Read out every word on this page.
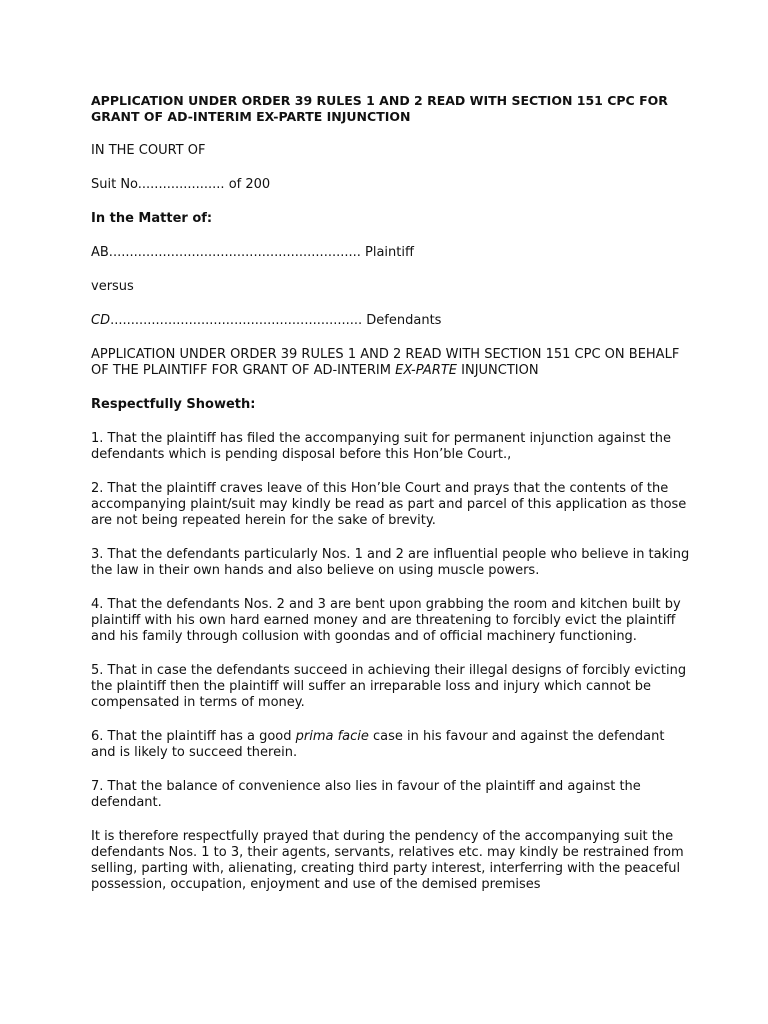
APPLICATION UNDER ORDER 39 RULES 1 AND 2 READ WITH SECTION 151 CPC FOR GRANT OF AD-INTERIM EX-PARTE INJUNCTION

IN THE COURT OF

Suit No..................... of 200

In the Matter of:

AB............................................................. Plaintiff

versus

CD............................................................. Defendants

APPLICATION UNDER ORDER 39 RULES 1 AND 2 READ WITH SECTION 151 CPC ON BEHALF OF THE PLAINTIFF FOR GRANT OF AD-INTERIM EX-PARTE INJUNCTION

Respectfully Showeth:

1. That the plaintiff has filed the accompanying suit for permanent injunction against the defendants which is pending disposal before this Hon’ble Court.,

2. That the plaintiff craves leave of this Hon’ble Court and prays that the contents of the accompanying plaint/suit may kindly be read as part and parcel of this application as those are not being repeated herein for the sake of brevity.

3. That the defendants particularly Nos. 1 and 2 are influential people who believe in taking the law in their own hands and also believe on using muscle powers.

4. That the defendants Nos. 2 and 3 are bent upon grabbing the room and kitchen built by plaintiff with his own hard earned money and are threatening to forcibly evict the plaintiff and his family through collusion with goondas and of official machinery functioning.

5. That in case the defendants succeed in achieving their illegal designs of forcibly evicting the plaintiff then the plaintiff will suffer an irreparable loss and injury which cannot be compensated in terms of money.

6. That the plaintiff has a good prima facie case in his favour and against the defendant and is likely to succeed therein.

7. That the balance of convenience also lies in favour of the plaintiff and against the defendant.

It is therefore respectfully prayed that during the pendency of the accompanying suit the defendants Nos. 1 to 3, their agents, servants, relatives etc. may kindly be restrained from selling, parting with, alienating, creating third party interest, interferring with the peaceful possession, occupation, enjoyment and use of the demised premises
